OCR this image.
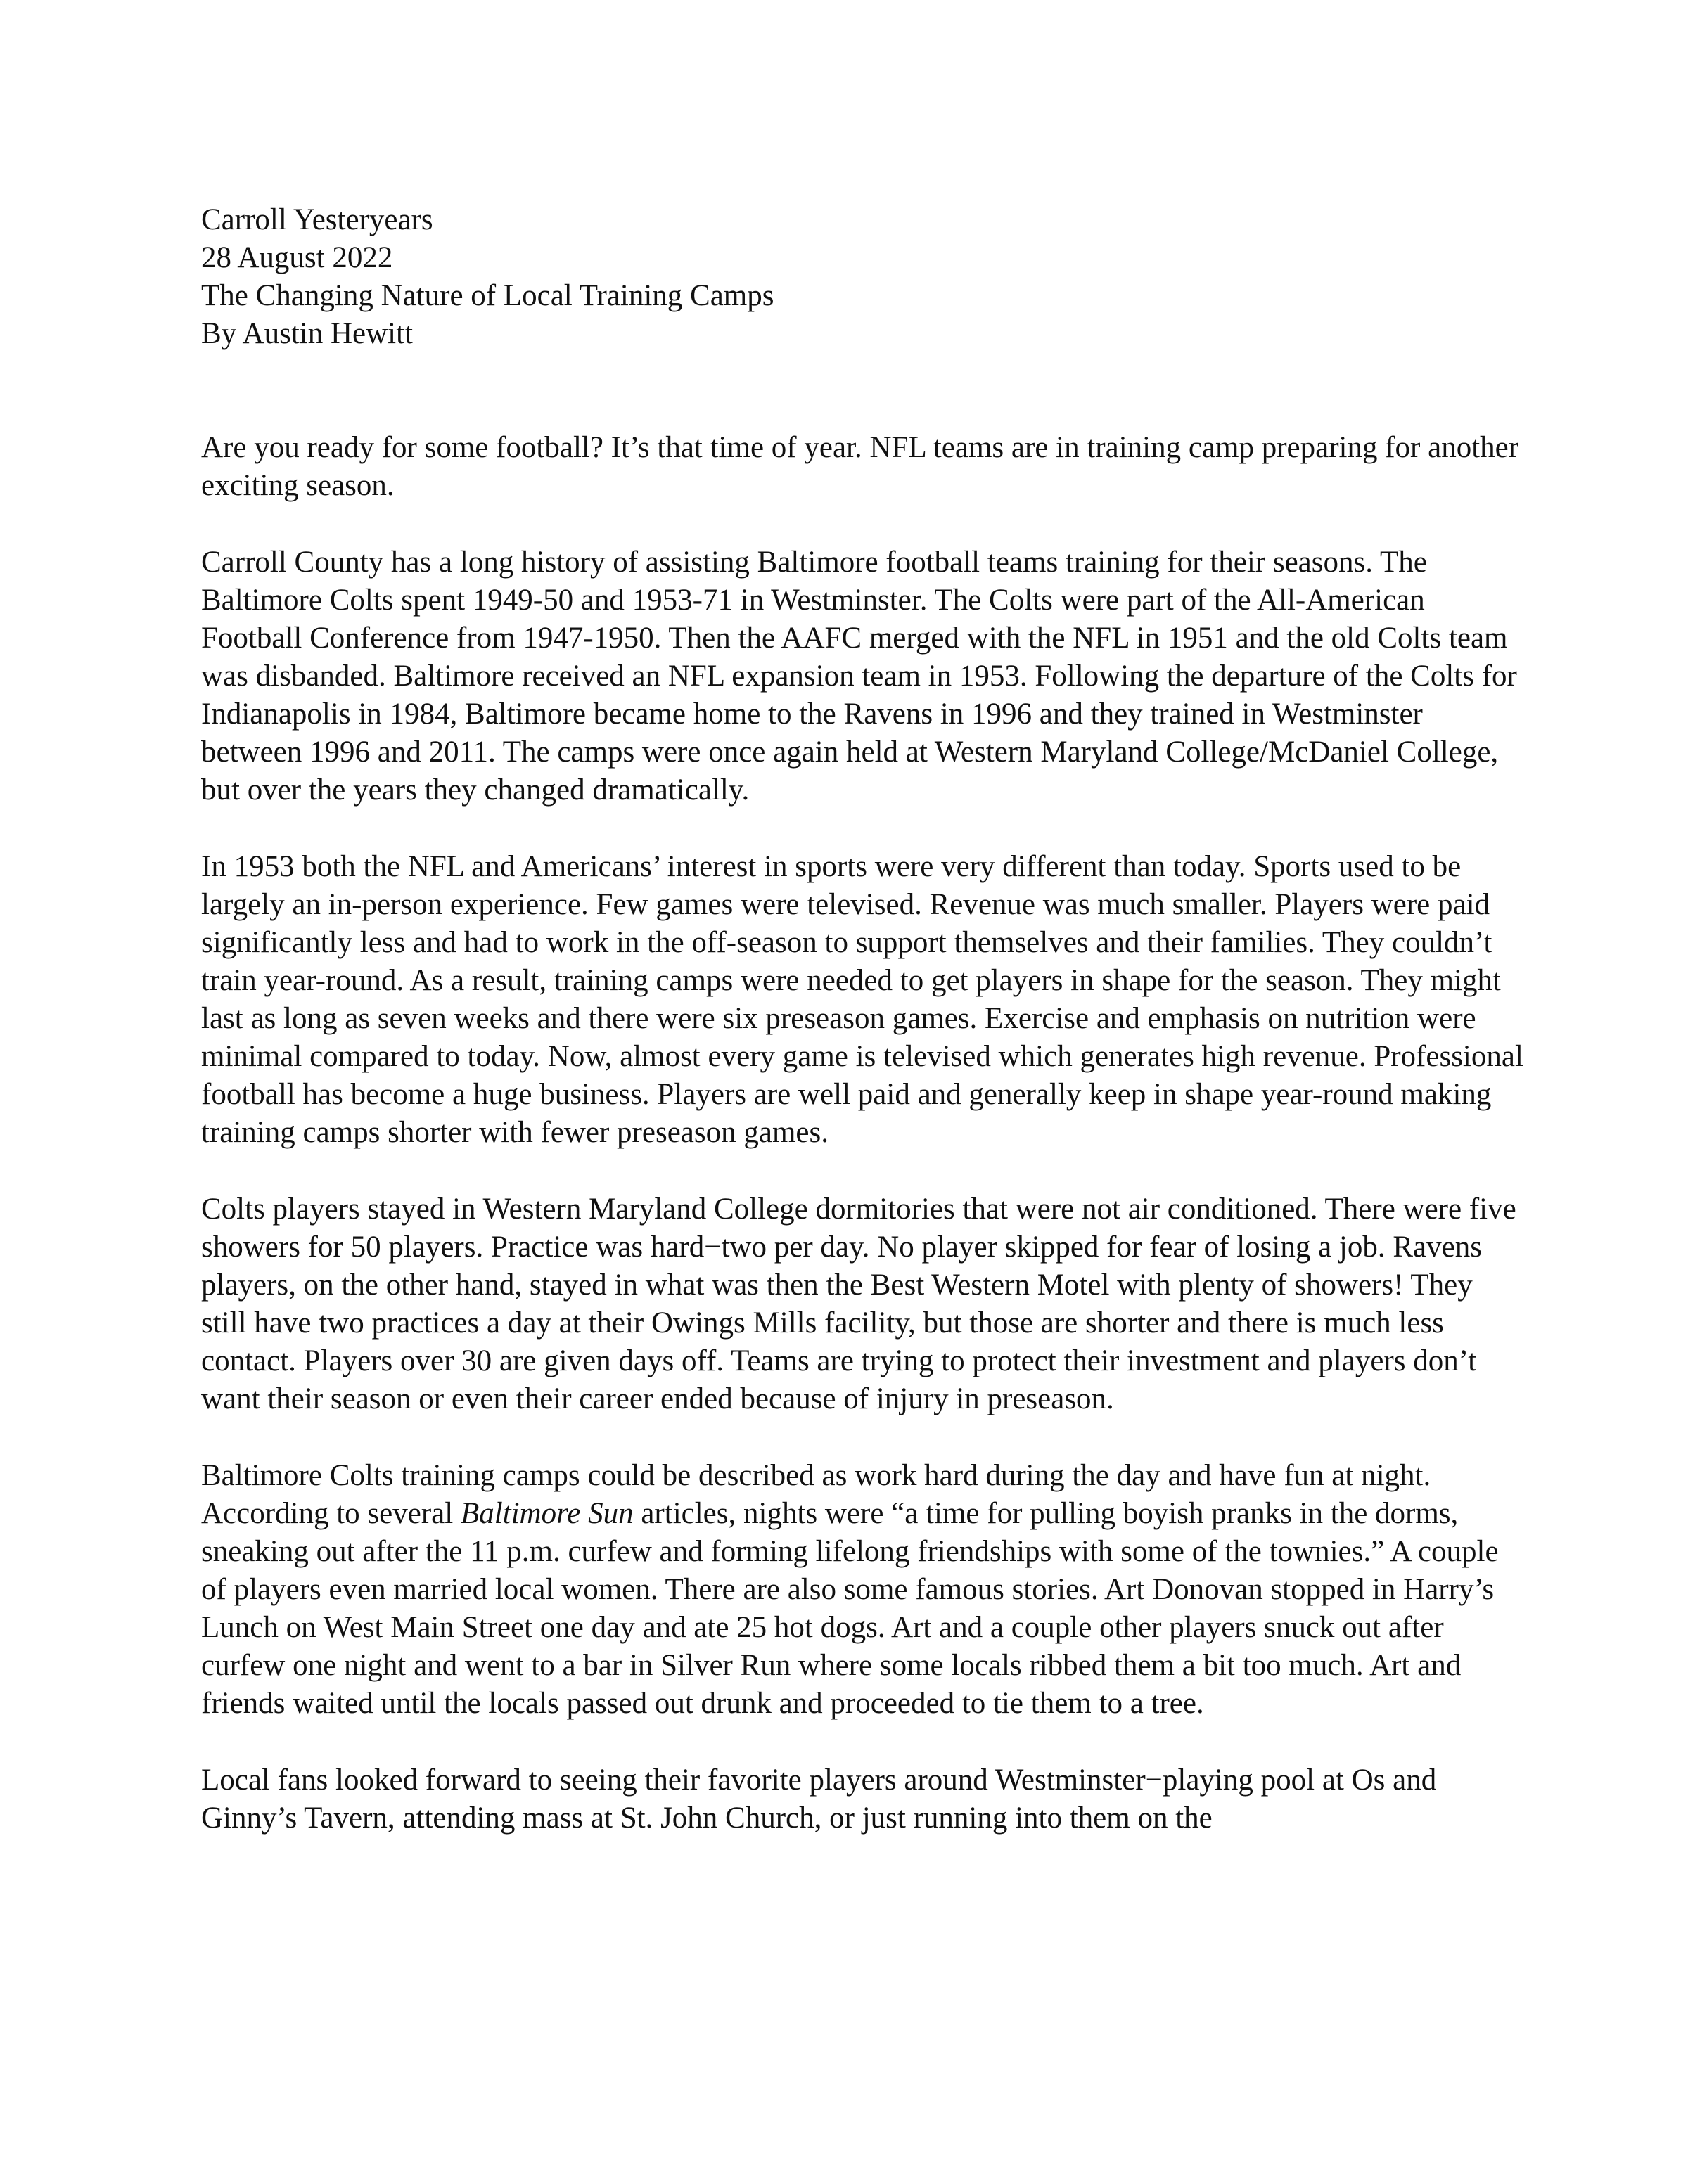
Carroll Yesteryears
28 August 2022
The Changing Nature of Local Training Camps
By Austin Hewitt

Are you ready for some football? It’s that time of year. NFL teams are in training camp preparing for another exciting season.

Carroll County has a long history of assisting Baltimore football teams training for their seasons. The Baltimore Colts spent 1949-50 and 1953-71 in Westminster. The Colts were part of the All-American Football Conference from 1947-1950. Then the AAFC merged with the NFL in 1951 and the old Colts team was disbanded. Baltimore received an NFL expansion team in 1953. Following the departure of the Colts for Indianapolis in 1984, Baltimore became home to the Ravens in 1996 and they trained in Westminster between 1996 and 2011. The camps were once again held at Western Maryland College/McDaniel College, but over the years they changed dramatically.

In 1953 both the NFL and Americans’ interest in sports were very different than today. Sports used to be largely an in-person experience. Few games were televised. Revenue was much smaller. Players were paid significantly less and had to work in the off-season to support themselves and their families. They couldn’t train year-round. As a result, training camps were needed to get players in shape for the season. They might last as long as seven weeks and there were six preseason games. Exercise and emphasis on nutrition were minimal compared to today. Now, almost every game is televised which generates high revenue. Professional football has become a huge business. Players are well paid and generally keep in shape year-round making training camps shorter with fewer preseason games.

Colts players stayed in Western Maryland College dormitories that were not air conditioned. There were five showers for 50 players. Practice was hard−two per day. No player skipped for fear of losing a job. Ravens players, on the other hand, stayed in what was then the Best Western Motel with plenty of showers! They still have two practices a day at their Owings Mills facility, but those are shorter and there is much less contact. Players over 30 are given days off. Teams are trying to protect their investment and players don’t want their season or even their career ended because of injury in preseason.

Baltimore Colts training camps could be described as work hard during the day and have fun at night. According to several Baltimore Sun articles, nights were “a time for pulling boyish pranks in the dorms, sneaking out after the 11 p.m. curfew and forming lifelong friendships with some of the townies.” A couple of players even married local women. There are also some famous stories. Art Donovan stopped in Harry’s Lunch on West Main Street one day and ate 25 hot dogs. Art and a couple other players snuck out after curfew one night and went to a bar in Silver Run where some locals ribbed them a bit too much. Art and friends waited until the locals passed out drunk and proceeded to tie them to a tree.

Local fans looked forward to seeing their favorite players around Westminster−playing pool at Os and Ginny’s Tavern, attending mass at St. John Church, or just running into them on the
